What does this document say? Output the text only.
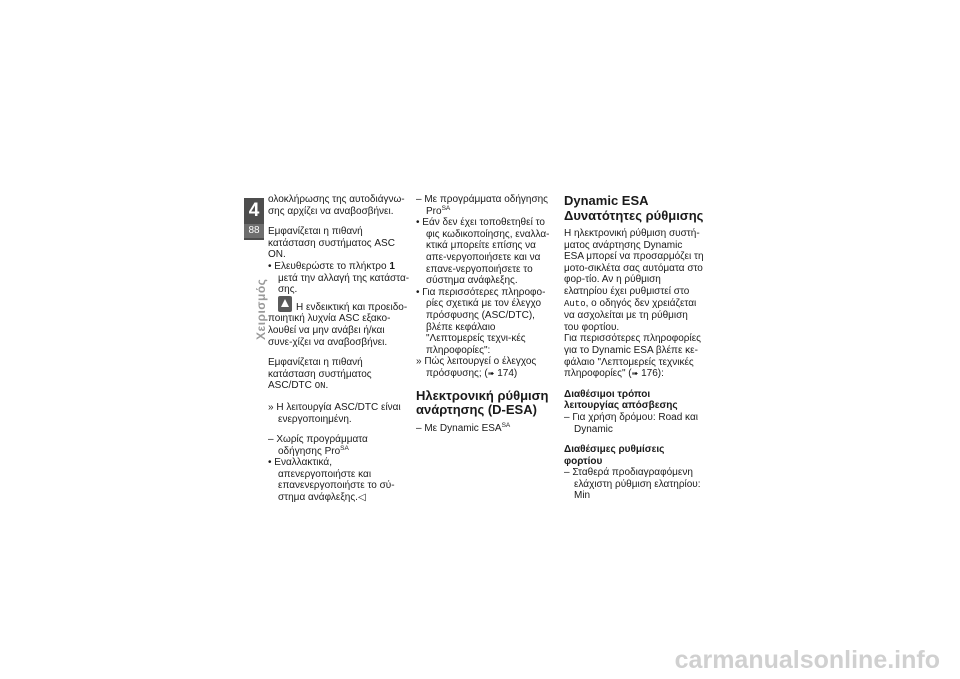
4
88
Χειρισμός

ολοκλήρωσης της αυτοδιάγνω-σης αρχίζει να αναβοσβήνει.

Εμφανίζεται η πιθανή κατάσταση συστήματος ASC ON.

• Ελευθερώστε το πλήκτρο 1 μετά την αλλαγή της κατάστα-σης.

Η ενδεικτική και προειδο-ποιητική λυχνία ASC εξακο-λουθεί να μην ανάβει ή/και συνε-χίζει να αναβοσβήνει.

Εμφανίζεται η πιθανή κατάσταση συστήματος ASC/DTC ON.

» Η λειτουργία ASC/DTC είναι ενεργοποιημένη.

– Χωρίς προγράμματα οδήγησης Pro$^{SA}$

• Εναλλακτικά, απενεργοποιήστε και επανενεργοποιήστε το σύ-στημα ανάφλεξης.◁

– Με προγράμματα οδήγησης Pro$^{SA}$

• Εάν δεν έχει τοποθετηθεί το φις κωδικοποίησης, εναλλα-κτικά μπορείτε επίσης να απε-νεργοποιήσετε και να επανε-νεργοποιήσετε το σύστημα ανάφλεξης.

• Για περισσότερες πληροφο-ρίες σχετικά με τον έλεγχο πρόσφυσης (ASC/DTC), βλέπε κεφάλαιο "Λεπτομερείς τεχνι-κές πληροφορίες":

» Πώς λειτουργεί ο έλεγχος πρόσφυσης; (➠ 174)

Ηλεκτρονική ρύθμιση ανάρτησης (D-ESA)

– Με Dynamic $ESA^{SA}$

Dynamic ESA Δυνατότητες ρύθμισης

Η ηλεκτρονική ρύθμιση συστή-ματος ανάρτησης Dynamic ESA μπορεί να προσαρμόζει τη μοτο-σικλέτα σας αυτόματα στο φορ-τίο. Αν η ρύθμιση ελατηρίου έχει ρυθμιστεί στο Auto, ο οδηγός δεν χρειάζεται να ασχολείται με τη ρύθμιση του φορτίου.

Για περισσότερες πληροφορίες για το Dynamic ESA βλέπε κε-φάλαιο "Λεπτομερείς τεχνικές πληροφορίες" (➠ 176):

Διαθέσιμοι τρόποι λειτουργίας απόσβεσης

– Για χρήση δρόμου: Road και Dynamic

Διαθέσιμες ρυθμίσεις φορτίου

– Σταθερά προδιαγραφόμενη ελάχιστη ρύθμιση ελατηρίου: Min

carmanualsonline.info
